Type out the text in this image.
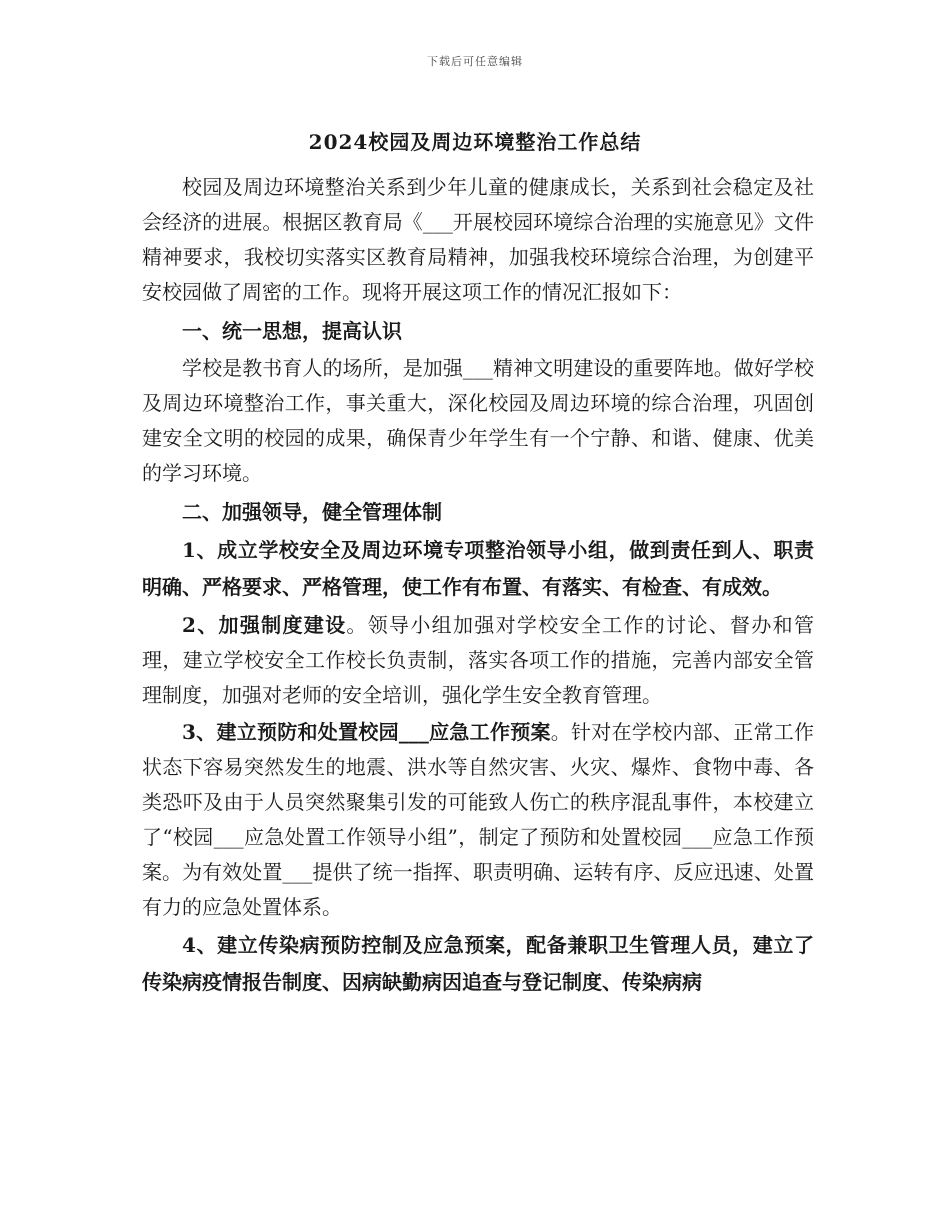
下载后可任意编辑
2024校园及周边环境整治工作总结

校园及周边环境整治关系到少年儿童的健康成长，关系到社会稳定及社会经济的进展。根据区教育局《___开展校园环境综合治理的实施意见》文件精神要求，我校切实落实区教育局精神，加强我校环境综合治理，为创建平安校园做了周密的工作。现将开展这项工作的情况汇报如下：

一、统一思想，提高认识

学校是教书育人的场所，是加强___精神文明建设的重要阵地。做好学校及周边环境整治工作，事关重大，深化校园及周边环境的综合治理，巩固创建安全文明的校园的成果，确保青少年学生有一个宁静、和谐、健康、优美的学习环境。

二、加强领导，健全管理体制

1、成立学校安全及周边环境专项整治领导小组，做到责任到人、职责明确、严格要求、严格管理，使工作有布置、有落实、有检查、有成效。

2、加强制度建设。领导小组加强对学校安全工作的讨论、督办和管理，建立学校安全工作校长负责制，落实各项工作的措施，完善内部安全管理制度，加强对老师的安全培训，强化学生安全教育管理。

3、建立预防和处置校园___应急工作预案。针对在学校内部、正常工作状态下容易突然发生的地震、洪水等自然灾害、火灾、爆炸、食物中毒、各类恐吓及由于人员突然聚集引发的可能致人伤亡的秩序混乱事件，本校建立了“校园___应急处置工作领导小组”，制定了预防和处置校园___应急工作预案。为有效处置___提供了统一指挥、职责明确、运转有序、反应迅速、处置有力的应急处置体系。

4、建立传染病预防控制及应急预案，配备兼职卫生管理人员，建立了传染病疫情报告制度、因病缺勤病因追查与登记制度、传染病病
